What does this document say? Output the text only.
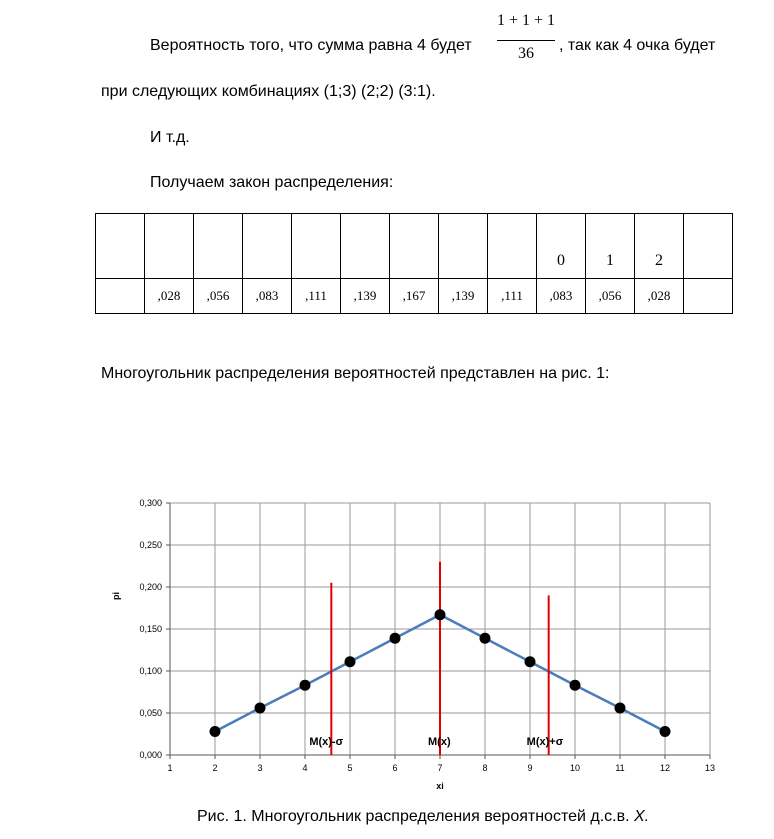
Вероятность того, что сумма равна 4 будет
1 + 1 + 1
36	, так как 4 очка будет
при следующих комбинациях (1;3) (2;2) (3:1).
И т.д.
Получаем закон распределения:
									0	1	2	
	,028	,056	,083	,111	,139	,167	,139	,111	,083	,056	,028	
Многоугольник распределения вероятностей представлен на рис. 1:
0,000
0,050
0,100
0,150
0,200
0,250
0,300
1	2	3	4	5	6	7	8	9	10	11	12	13
pi
xi
M(x)-σ	M(x)	M(x)+σ
Рис. 1. Многоугольник распределения вероятностей д.с.в. X.
